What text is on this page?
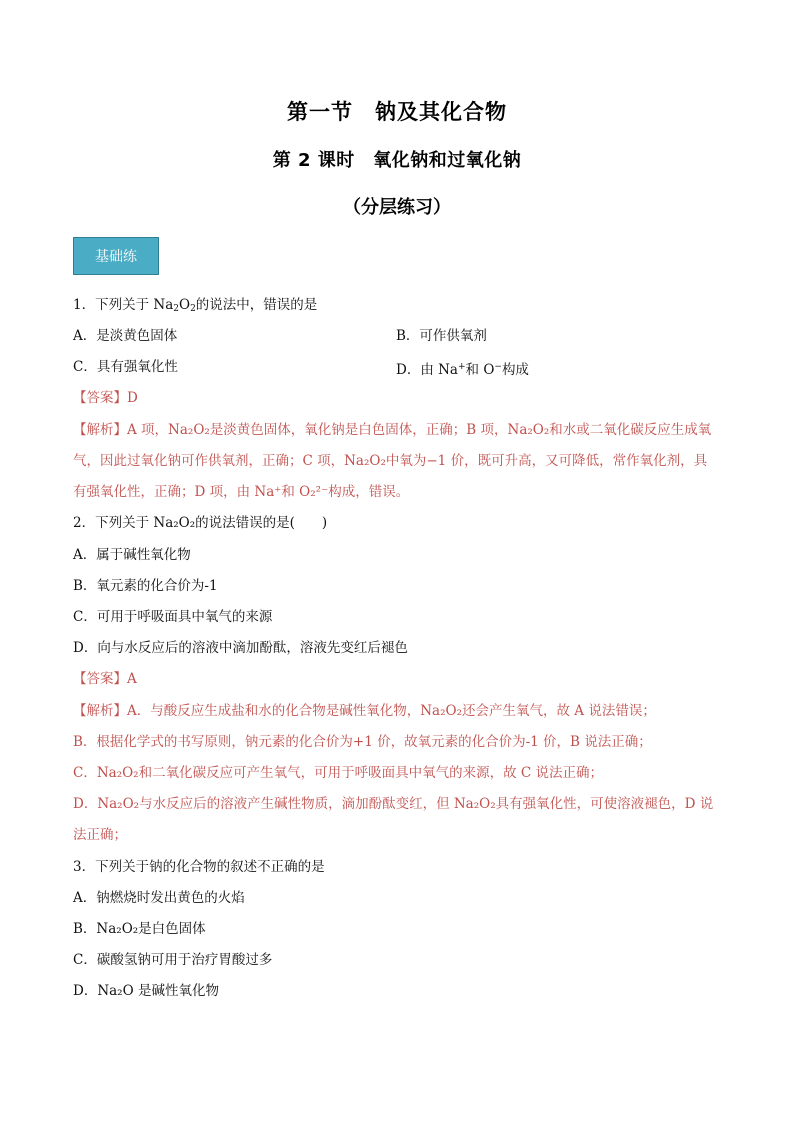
第一节　钠及其化合物
第 2 课时　氧化钠和过氧化钠
（分层练习）
基础练
1．下列关于 $Na_2O_2$的说法中，错误的是
A．是淡黄色固体	B．可作供氧剂
C．具有强氧化性	D．由 Na+和 O−构成
【答案】D
【解析】A 项，Na₂O₂是淡黄色固体，氧化钠是白色固体，正确；B 项，Na₂O₂和水或二氧化碳反应生成氧
气，因此过氧化钠可作供氧剂，正确；C 项，Na₂O₂中氧为−1 价，既可升高，又可降低，常作氧化剂，具
有强氧化性，正确；D 项，由 Na⁺和 O₂²⁻构成，错误。
2．下列关于 Na₂O₂的说法错误的是(　　)
A．属于碱性氧化物
B．氧元素的化合价为-1
C．可用于呼吸面具中氧气的来源
D．向与水反应后的溶液中滴加酚酞，溶液先变红后褪色
【答案】A
【解析】A．与酸反应生成盐和水的化合物是碱性氧化物，Na₂O₂还会产生氧气，故 A 说法错误；
B．根据化学式的书写原则，钠元素的化合价为+1 价，故氧元素的化合价为-1 价，B 说法正确；
C．Na₂O₂和二氧化碳反应可产生氧气，可用于呼吸面具中氧气的来源，故 C 说法正确；
D．Na₂O₂与水反应后的溶液产生碱性物质，滴加酚酞变红，但 Na₂O₂具有强氧化性，可使溶液褪色，D 说
法正确；
3．下列关于钠的化合物的叙述不正确的是
A．钠燃烧时发出黄色的火焰
B．Na₂O₂是白色固体
C．碳酸氢钠可用于治疗胃酸过多
D．Na₂O 是碱性氧化物
